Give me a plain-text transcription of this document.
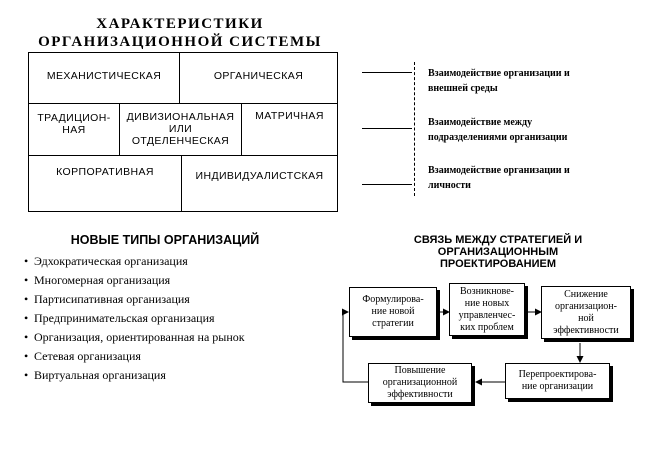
ХАРАКТЕРИСТИКИ
ОРГАНИЗАЦИОННОЙ СИСТЕМЫ
МЕХАНИСТИЧЕСКАЯ	ОРГАНИЧЕСКАЯ
ТРАДИЦИОН-
НАЯ
ДИВИЗИОНАЛЬНАЯ
ИЛИ
ОТДЕЛЕНЧЕСКАЯ
МАТРИЧНАЯ
КОРПОРАТИВНАЯ	ИНДИВИДУАЛИСТСКАЯ
Взаимодействие организации и
внешней среды
Взаимодействие между
подразделениями организации
Взаимодействие организации и
личности
НОВЫЕ ТИПЫ ОРГАНИЗАЦИЙ
• Эдхократическая организация
• Многомерная организация
• Партисипативная организация
• Предпринимательская организация
• Организация, ориентированная на рынок
• Сетевая организация
• Виртуальная организация
СВЯЗЬ МЕЖДУ СТРАТЕГИЕЙ И
ОРГАНИЗАЦИОННЫМ
ПРОЕКТИРОВАНИЕМ
Формулирова-
ние новой
стратегии
Возникнове-
ние новых
управленчес-
ких проблем
Снижение
организацион-
ной
эффективности
Перепроектирова-
ние организации
Повышение
организационной
эффективности
